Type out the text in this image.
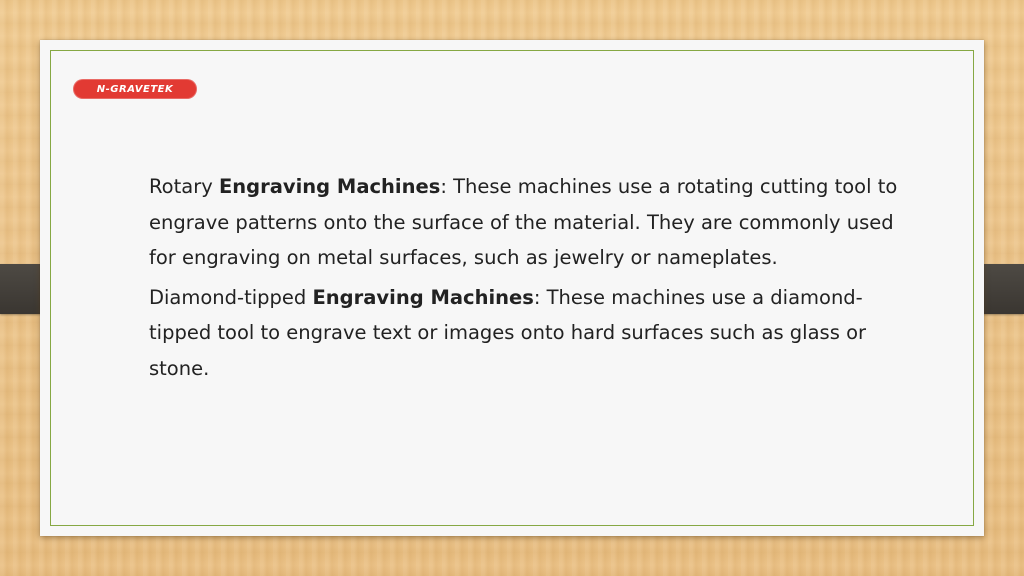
N-GRAVETEK

Rotary Engraving Machines: These machines use a rotating cutting tool to engrave patterns onto the surface of the material. They are commonly used for engraving on metal surfaces, such as jewelry or nameplates.

Diamond-tipped Engraving Machines: These machines use a diamond-tipped tool to engrave text or images onto hard surfaces such as glass or stone.
